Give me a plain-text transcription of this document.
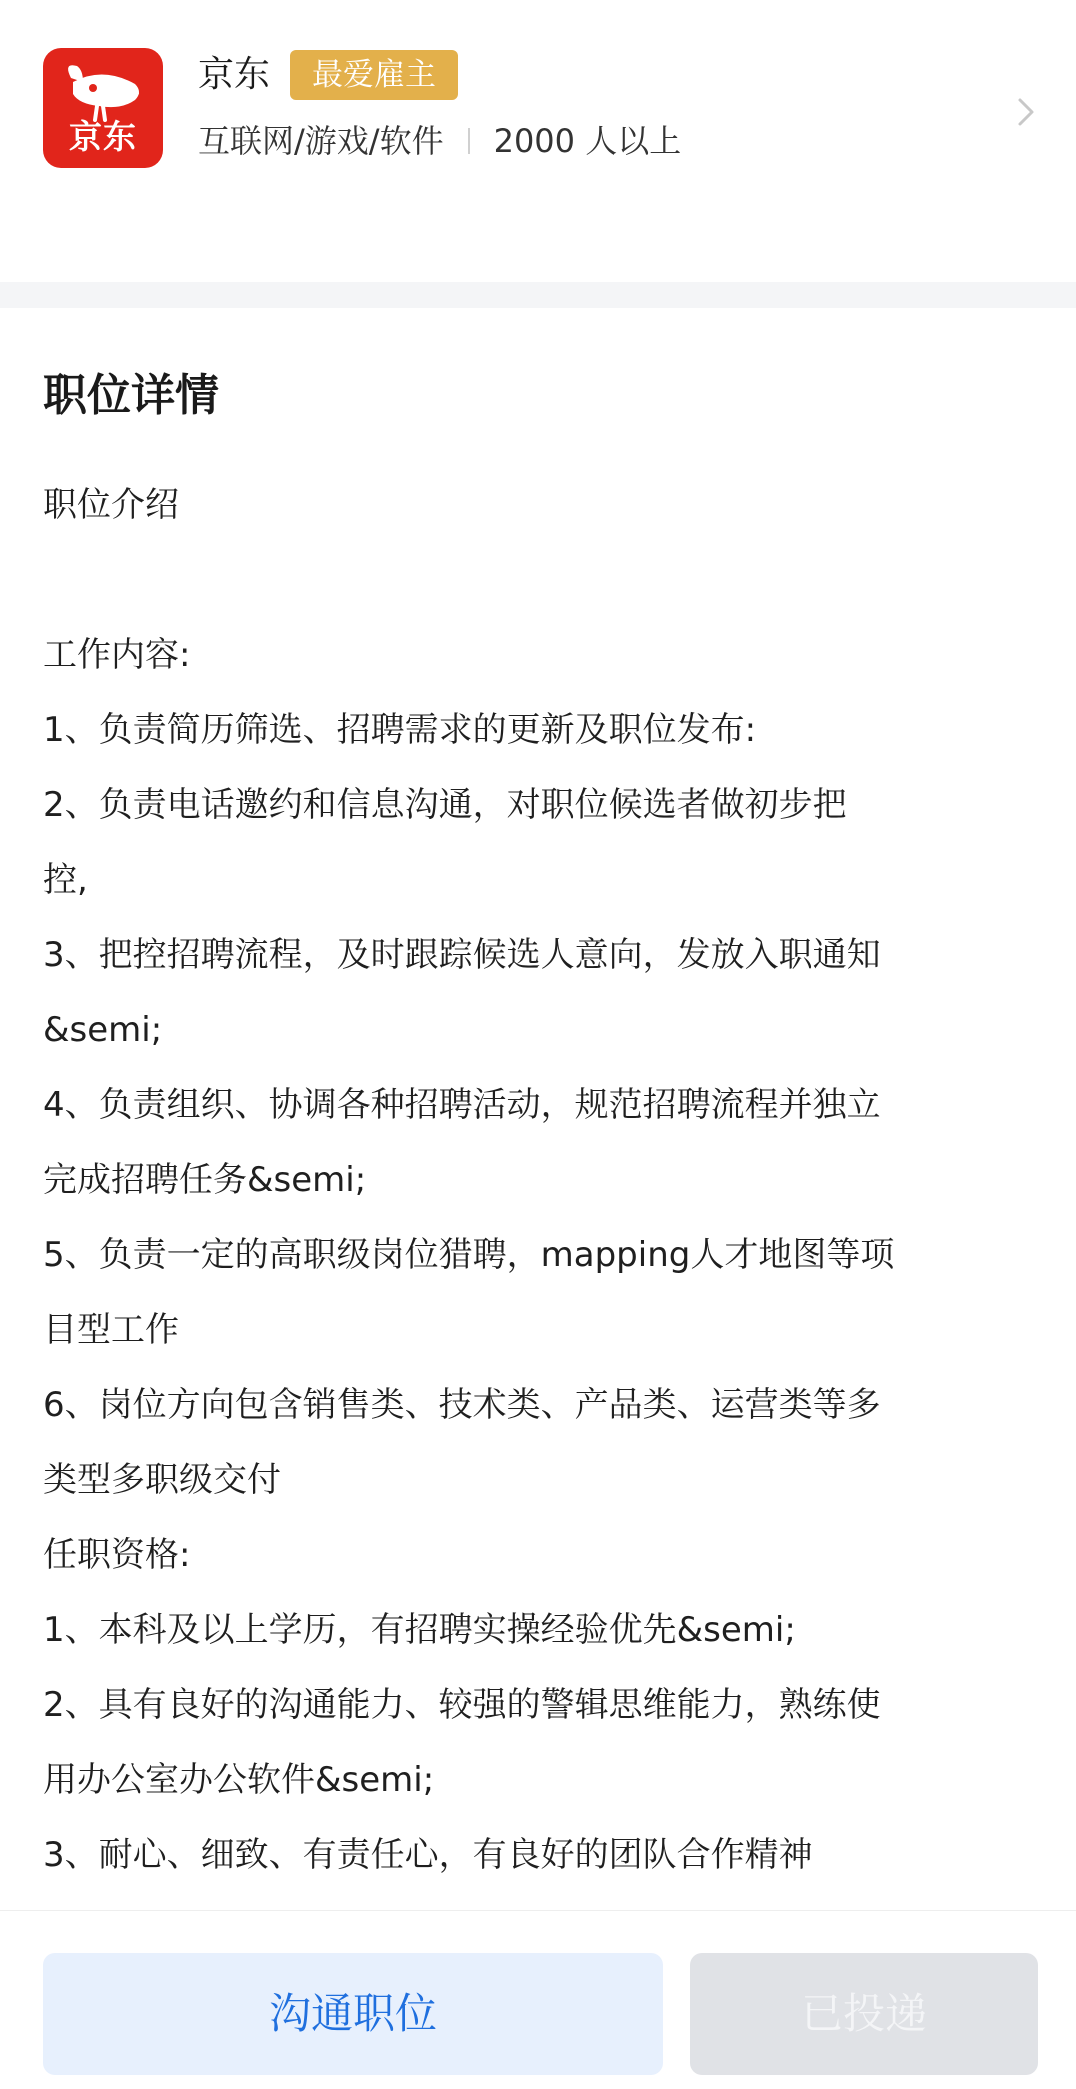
京东
京东	最爱雇主
互联网/游戏/软件 2000 人以上
职位详情
职位介绍
工作内容:
1、负责简历筛选、招聘需求的更新及职位发布:
2、负责电话邀约和信息沟通，对职位候选者做初步把
控,
3、把控招聘流程，及时跟踪候选人意向，发放入职通知
&semi;
4、负责组织、协调各种招聘活动，规范招聘流程并独立
完成招聘任务&semi;
5、负责一定的高职级岗位猎聘，mapping人才地图等项
目型工作
6、岗位方向包含销售类、技术类、产品类、运营类等多
类型多职级交付
任职资格:
1、本科及以上学历，有招聘实操经验优先&semi;
2、具有良好的沟通能力、较强的警辑思维能力，熟练使
用办公室办公软件&semi;
3、耐心、细致、有责任心，有良好的团队合作精神
沟通职位	已投递
